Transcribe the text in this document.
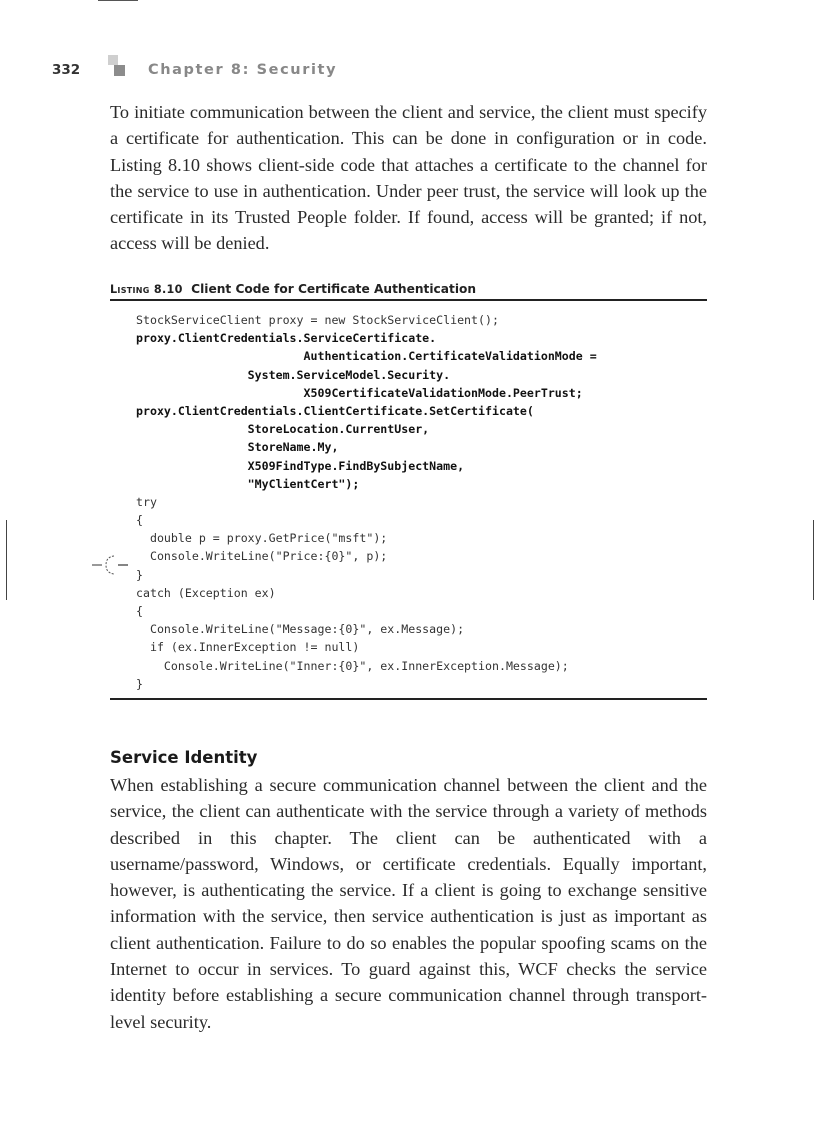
332	Chapter 8: Security

To initiate communication between the client and service, the client must specify a certificate for authentication. This can be done in configuration or in code. Listing 8.10 shows client-side code that attaches a certificate to the channel for the service to use in authentication. Under peer trust, the service will look up the certificate in its Trusted People folder. If found, access will be granted; if not, access will be denied.

Listing 8.10 Client Code for Certificate Authentication
StockServiceClient proxy = new StockServiceClient();
proxy.ClientCredentials.ServiceCertificate.
Authentication.CertificateValidationMode =
System.ServiceModel.Security.
X509CertificateValidationMode.PeerTrust;
proxy.ClientCredentials.ClientCertificate.SetCertificate(
StoreLocation.CurrentUser,
StoreName.My,
X509FindType.FindBySubjectName,
"MyClientCert");
try
{
double p = proxy.GetPrice("msft");
Console.WriteLine("Price:{0}", p);
}
catch (Exception ex)
{
Console.WriteLine("Message:{0}", ex.Message);
if (ex.InnerException != null)
Console.WriteLine("Inner:{0}", ex.InnerException.Message);
}
Service Identity

When establishing a secure communication channel between the client and the service, the client can authenticate with the service through a variety of methods described in this chapter. The client can be authenticated with a username/password, Windows, or certificate credentials. Equally important, however, is authenticating the service. If a client is going to exchange sensitive information with the service, then service authentication is just as important as client authentication. Failure to do so enables the popular spoofing scams on the Internet to occur in services. To guard against this, WCF checks the service identity before establishing a secure communication channel through transport-level security.
